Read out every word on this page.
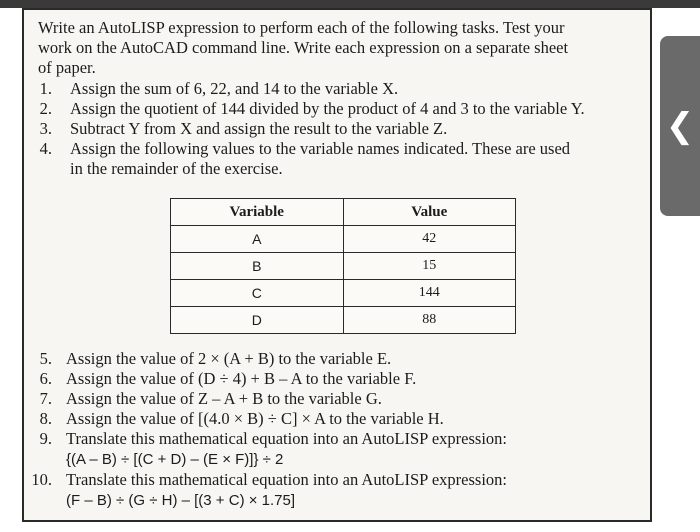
Write an AutoLISP expression to perform each of the following tasks. Test your
work on the AutoCAD command line. Write each expression on a separate sheet
of paper.
1. Assign the sum of 6, 22, and 14 to the variable X.
2. Assign the quotient of 144 divided by the product of 4 and 3 to the variable Y.
3. Subtract Y from X and assign the result to the variable Z.
4. Assign the following values to the variable names indicated. These are used
in the remainder of the exercise.
Variable	Value
A	42
B	15
C	144
D	88
5. Assign the value of 2 × (A + B) to the variable E.
6. Assign the value of (D ÷ 4) + B – A to the variable F.
7. Assign the value of Z – A + B to the variable G.
8. Assign the value of [(4.0 × B) ÷ C] × A to the variable H.
9. Translate this mathematical equation into an AutoLISP expression:
{(A – B) ÷ [(C + D) – (E × F)]} ÷ 2
10. Translate this mathematical equation into an AutoLISP expression:
(F – B) ÷ (G ÷ H) – [(3 + C) × 1.75]
❮
